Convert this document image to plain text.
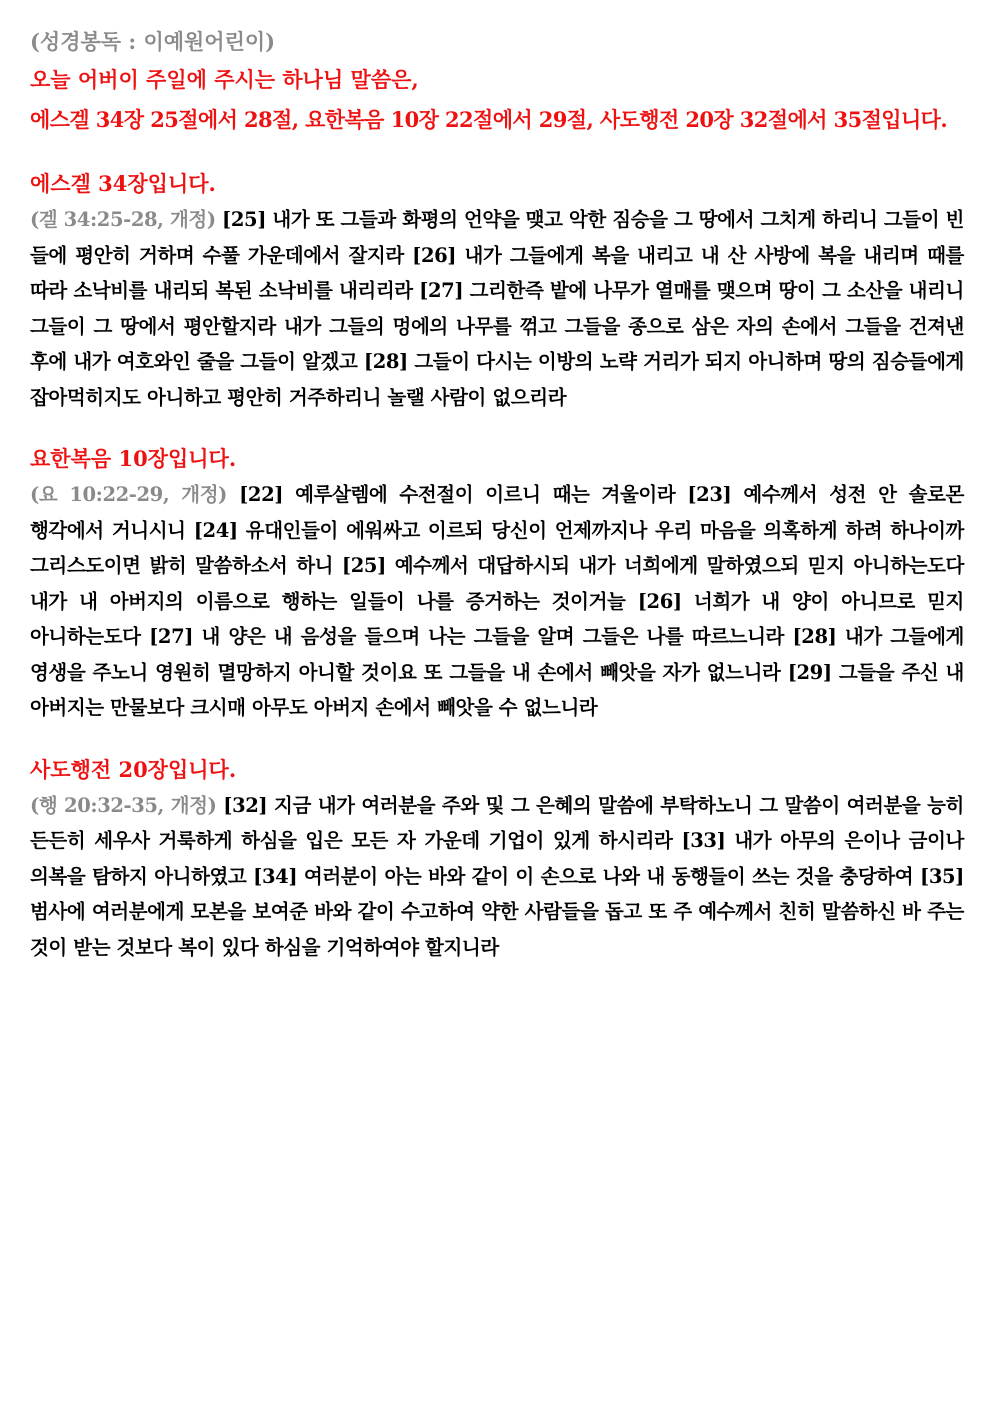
(성경봉독 : 이예원어린이)

오늘 어버이 주일에 주시는 하나님 말씀은,

에스겔 34장 25절에서 28절, 요한복음 10장 22절에서 29절, 사도행전 20장 32절에서 35절입니다.

에스겔 34장입니다.

(겔 34:25-28, 개정) [25] 내가 또 그들과 화평의 언약을 맺고 악한 짐승을 그 땅에서 그치게 하리니 그들이 빈 들에 평안히 거하며 수풀 가운데에서 잘지라 [26] 내가 그들에게 복을 내리고 내 산 사방에 복을 내리며 때를 따라 소낙비를 내리되 복된 소낙비를 내리리라 [27] 그리한즉 밭에 나무가 열매를 맺으며 땅이 그 소산을 내리니 그들이 그 땅에서 평안할지라 내가 그들의 멍에의 나무를 꺾고 그들을 종으로 삼은 자의 손에서 그들을 건져낸 후에 내가 여호와인 줄을 그들이 알겠고 [28] 그들이 다시는 이방의 노략 거리가 되지 아니하며 땅의 짐승들에게 잡아먹히지도 아니하고 평안히 거주하리니 놀랠 사람이 없으리라

요한복음 10장입니다.

(요 10:22-29, 개정) [22] 예루살렘에 수전절이 이르니 때는 겨울이라 [23] 예수께서 성전 안 솔로몬 행각에서 거니시니 [24] 유대인들이 에워싸고 이르되 당신이 언제까지나 우리 마음을 의혹하게 하려 하나이까 그리스도이면 밝히 말씀하소서 하니 [25] 예수께서 대답하시되 내가 너희에게 말하였으되 믿지 아니하는도다 내가 내 아버지의 이름으로 행하는 일들이 나를 증거하는 것이거늘 [26] 너희가 내 양이 아니므로 믿지 아니하는도다 [27] 내 양은 내 음성을 들으며 나는 그들을 알며 그들은 나를 따르느니라 [28] 내가 그들에게 영생을 주노니 영원히 멸망하지 아니할 것이요 또 그들을 내 손에서 빼앗을 자가 없느니라 [29] 그들을 주신 내 아버지는 만물보다 크시매 아무도 아버지 손에서 빼앗을 수 없느니라

사도행전 20장입니다.

(행 20:32-35, 개정) [32] 지금 내가 여러분을 주와 및 그 은혜의 말씀에 부탁하노니 그 말씀이 여러분을 능히 든든히 세우사 거룩하게 하심을 입은 모든 자 가운데 기업이 있게 하시리라 [33] 내가 아무의 은이나 금이나 의복을 탐하지 아니하였고 [34] 여러분이 아는 바와 같이 이 손으로 나와 내 동행들이 쓰는 것을 충당하여 [35] 범사에 여러분에게 모본을 보여준 바와 같이 수고하여 약한 사람들을 돕고 또 주 예수께서 친히 말씀하신 바 주는 것이 받는 것보다 복이 있다 하심을 기억하여야 할지니라
